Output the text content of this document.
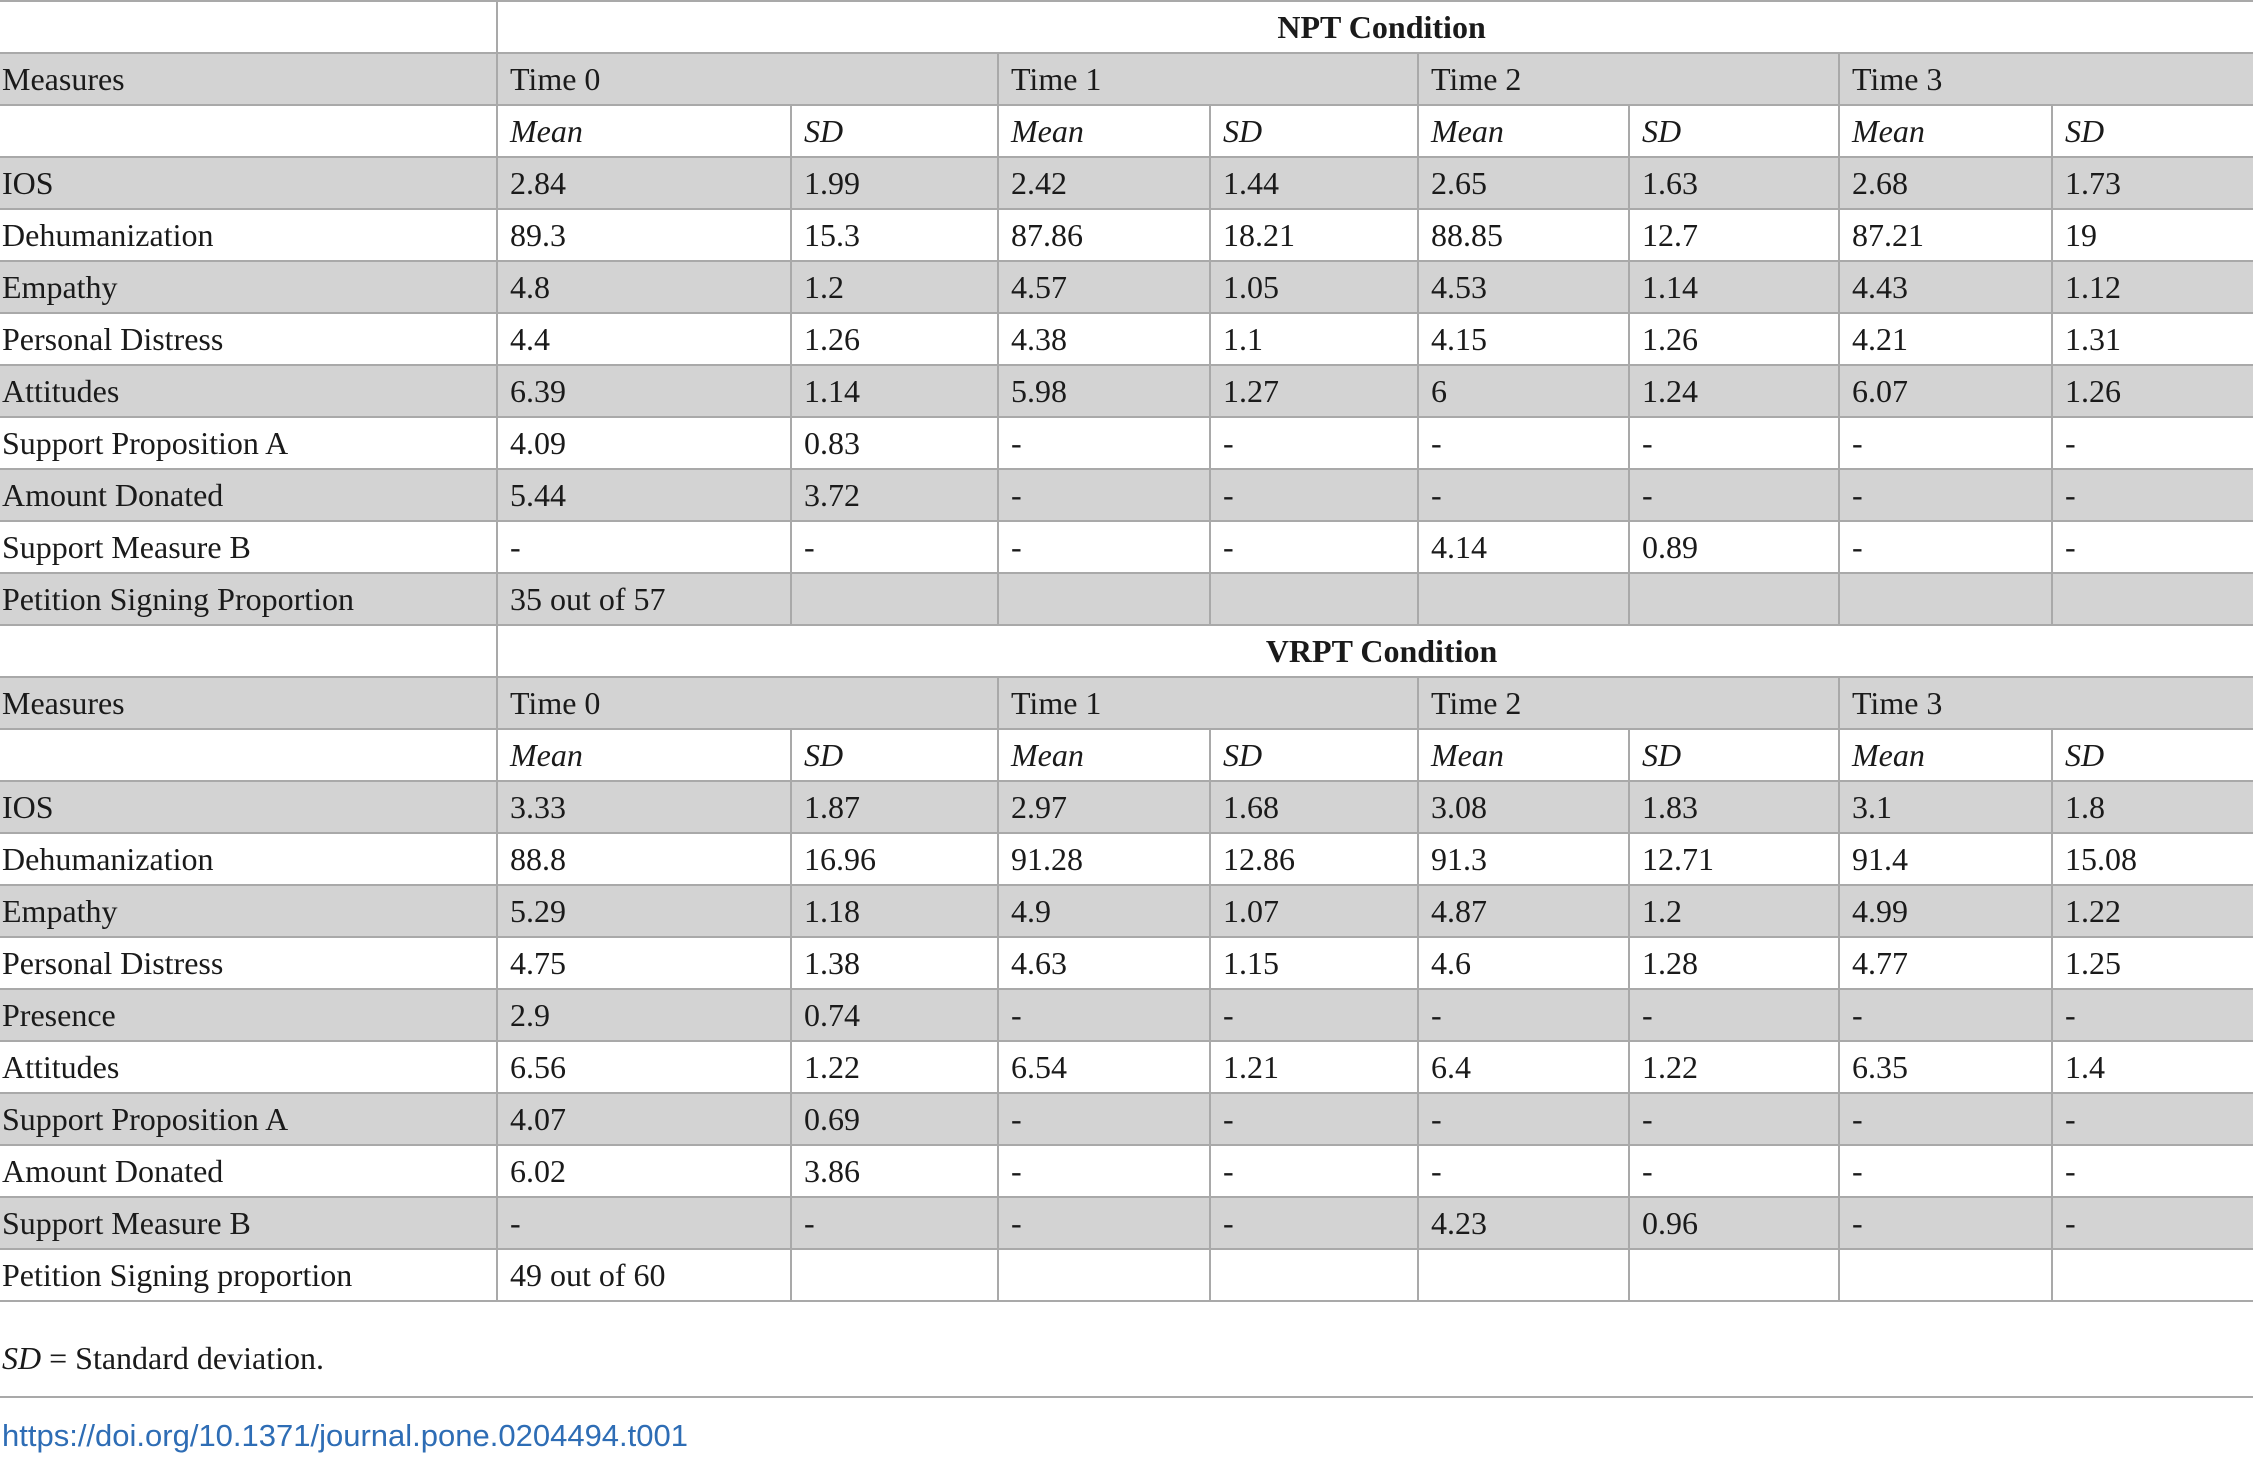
	NPT Condition							
Measures	Time 0		Time 1		Time 2		Time 3	
	Mean	SD	Mean	SD	Mean	SD	Mean	SD
IOS	2.84	1.99	2.42	1.44	2.65	1.63	2.68	1.73
Dehumanization	89.3	15.3	87.86	18.21	88.85	12.7	87.21	19
Empathy	4.8	1.2	4.57	1.05	4.53	1.14	4.43	1.12
Personal Distress	4.4	1.26	4.38	1.1	4.15	1.26	4.21	1.31
Attitudes	6.39	1.14	5.98	1.27	6	1.24	6.07	1.26
Support Proposition A	4.09	0.83	-	-	-	-	-	-
Amount Donated	5.44	3.72	-	-	-	-	-	-
Support Measure B	-	-	-	-	4.14	0.89	-	-
Petition Signing Proportion	35 out of 57							
	VRPT Condition							
Measures	Time 0		Time 1		Time 2		Time 3	
	Mean	SD	Mean	SD	Mean	SD	Mean	SD
IOS	3.33	1.87	2.97	1.68	3.08	1.83	3.1	1.8
Dehumanization	88.8	16.96	91.28	12.86	91.3	12.71	91.4	15.08
Empathy	5.29	1.18	4.9	1.07	4.87	1.2	4.99	1.22
Personal Distress	4.75	1.38	4.63	1.15	4.6	1.28	4.77	1.25
Presence	2.9	0.74	-	-	-	-	-	-
Attitudes	6.56	1.22	6.54	1.21	6.4	1.22	6.35	1.4
Support Proposition A	4.07	0.69	-	-	-	-	-	-
Amount Donated	6.02	3.86	-	-	-	-	-	-
Support Measure B	-	-	-	-	4.23	0.96	-	-
Petition Signing proportion	49 out of 60							

SD = Standard deviation.

https://doi.org/10.1371/journal.pone.0204494.t001
